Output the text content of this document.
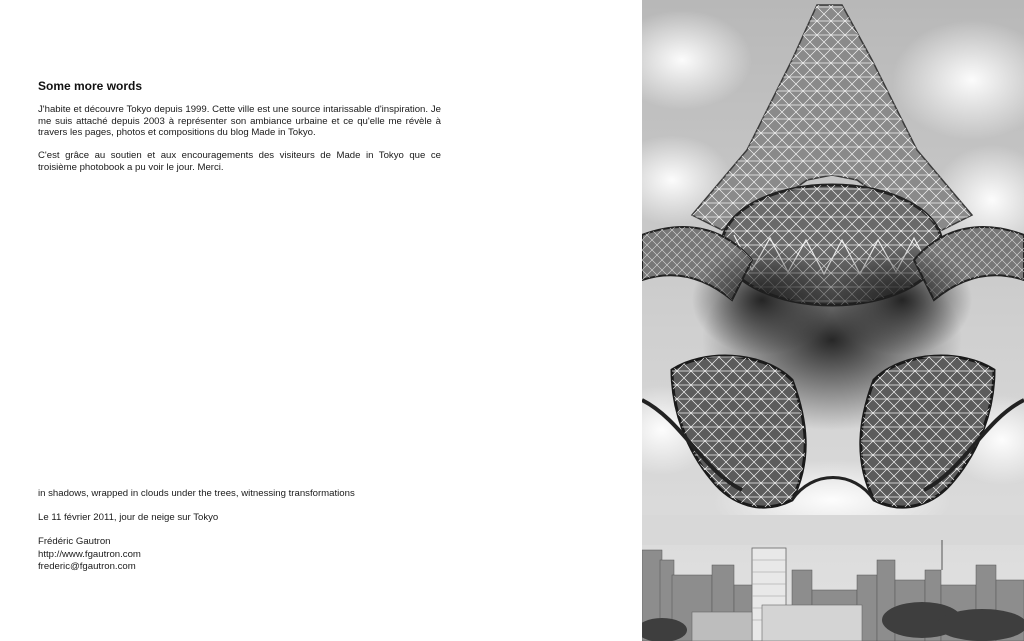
Some more words

J'habite et découvre Tokyo depuis 1999. Cette ville est une source intarissable d'inspiration. Je me suis attaché depuis 2003 à représenter son ambiance urbaine et ce qu'elle me révèle à travers les pages, photos et compositions du blog Made in Tokyo.

C'est grâce au soutien et aux encouragements des visiteurs de Made in Tokyo que ce troisième photobook a pu voir le jour. Merci.

in shadows, wrapped in clouds under the trees, witnessing transformations

Le 11 février 2011, jour de neige sur Tokyo

Frédéric Gautron
http://www.fgautron.com
frederic@fgautron.com
